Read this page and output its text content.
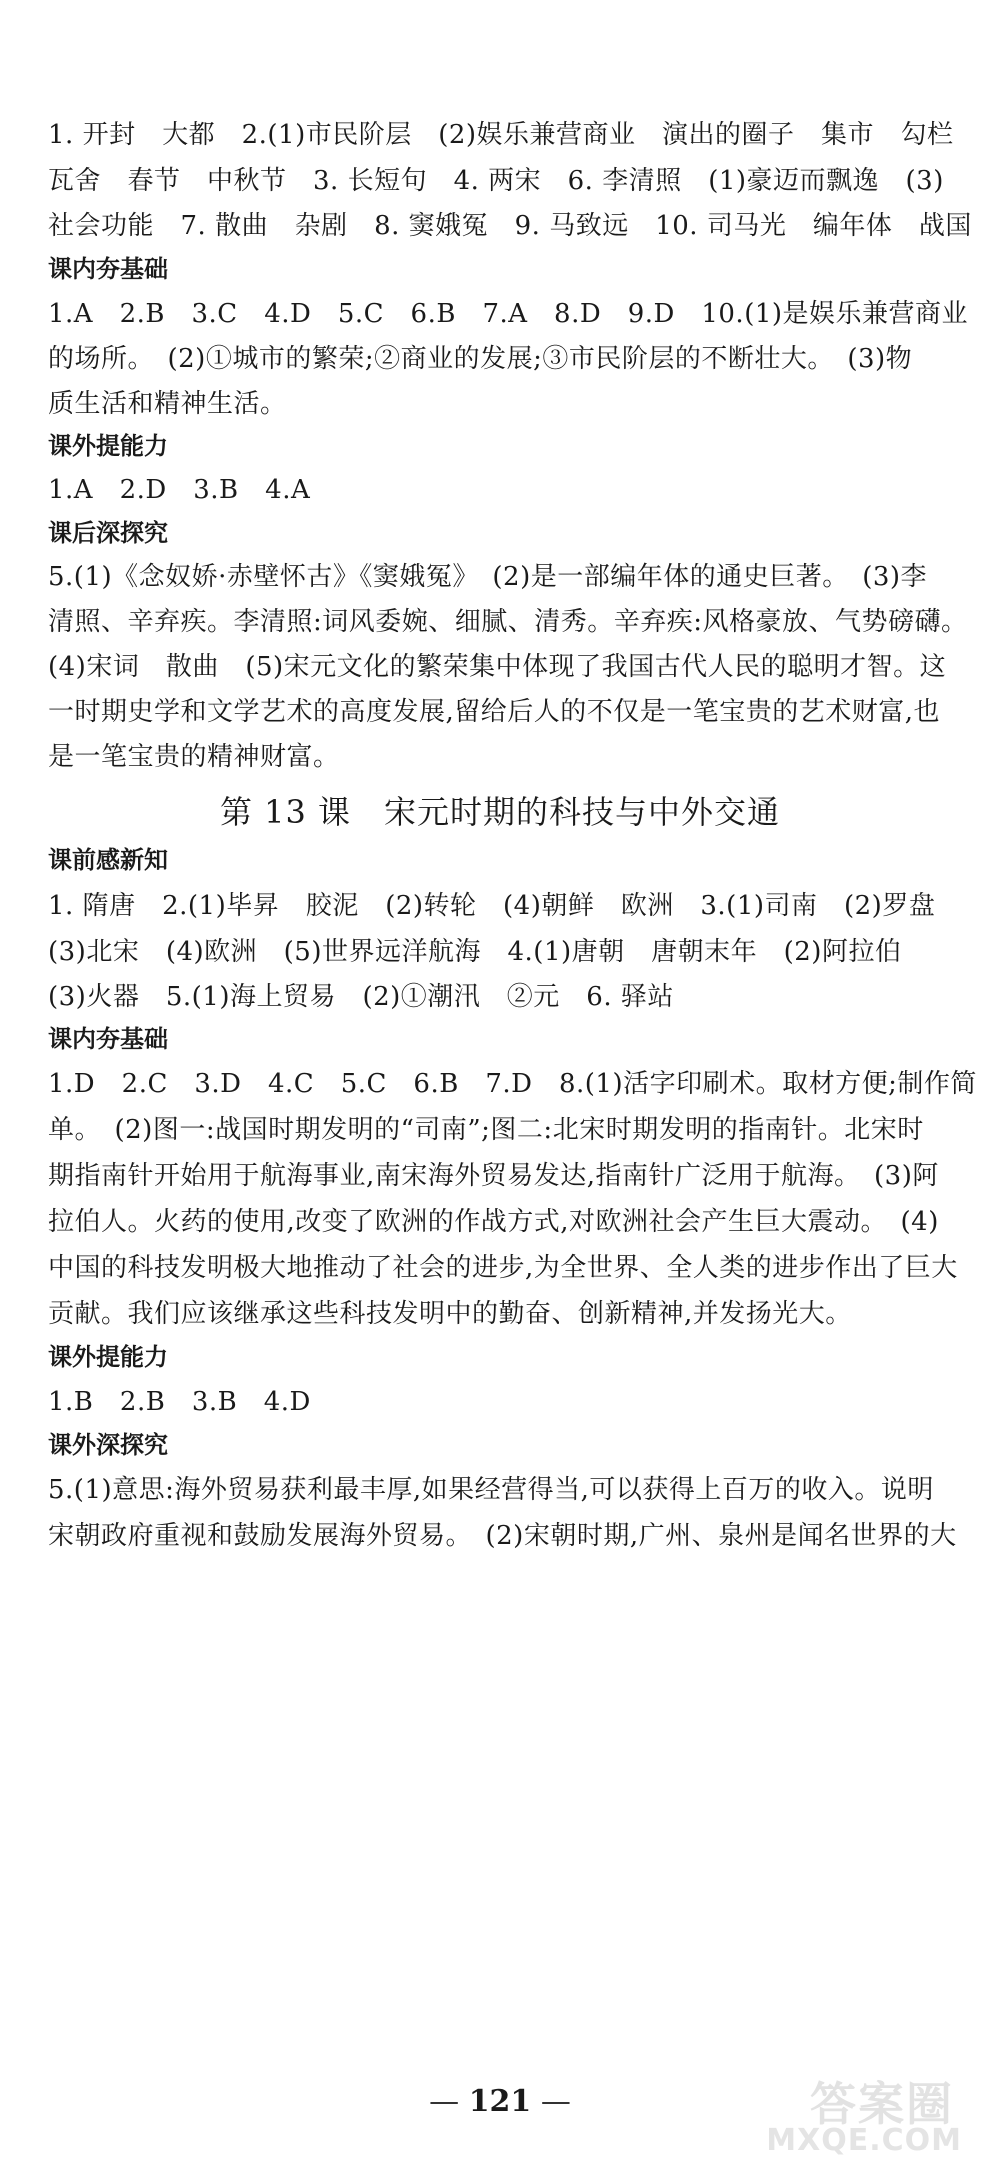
1. 开封　大都　2.(1)市民阶层　(2)娱乐兼营商业　演出的圈子　集市　勾栏
瓦舍　春节　中秋节　3. 长短句　4. 两宋　6. 李清照　(1)豪迈而飘逸　(3)
社会功能　7. 散曲　杂剧　8. 窦娥冤　9. 马致远　10. 司马光　编年体　战国
课内夯基础
1.A　2.B　3.C　4.D　5.C　6.B　7.A　8.D　9.D　10.(1)是娱乐兼营商业
的场所。　(2)①城市的繁荣;②商业的发展;③市民阶层的不断壮大。　(3)物
质生活和精神生活。
课外提能力
1.A　2.D　3.B　4.A
课后深探究
5.(1)《念奴娇·赤壁怀古》《窦娥冤》　(2)是一部编年体的通史巨著。　(3)李
清照、辛弃疾。李清照:词风委婉、细腻、清秀。辛弃疾:风格豪放、气势磅礴。
(4)宋词　散曲　(5)宋元文化的繁荣集中体现了我国古代人民的聪明才智。这
一时期史学和文学艺术的高度发展,留给后人的不仅是一笔宝贵的艺术财富,也
是一笔宝贵的精神财富。
第 13 课　宋元时期的科技与中外交通
课前感新知
1. 隋唐　2.(1)毕昇　胶泥　(2)转轮　(4)朝鲜　欧洲　3.(1)司南　(2)罗盘
(3)北宋　(4)欧洲　(5)世界远洋航海　4.(1)唐朝　唐朝末年　(2)阿拉伯
(3)火器　5.(1)海上贸易　(2)①潮汛　②元　6. 驿站
课内夯基础
1.D　2.C　3.D　4.C　5.C　6.B　7.D　8.(1)活字印刷术。取材方便;制作简
单。　(2)图一:战国时期发明的“司南”;图二:北宋时期发明的指南针。北宋时
期指南针开始用于航海事业,南宋海外贸易发达,指南针广泛用于航海。　(3)阿
拉伯人。火药的使用,改变了欧洲的作战方式,对欧洲社会产生巨大震动。　(4)
中国的科技发明极大地推动了社会的进步,为全世界、全人类的进步作出了巨大
贡献。我们应该继承这些科技发明中的勤奋、创新精神,并发扬光大。
课外提能力
1.B　2.B　3.B　4.D
课外深探究
5.(1)意思:海外贸易获利最丰厚,如果经营得当,可以获得上百万的收入。说明
宋朝政府重视和鼓励发展海外贸易。　(2)宋朝时期,广州、泉州是闻名世界的大
— 121 —	答案圈
MXQE.COM
